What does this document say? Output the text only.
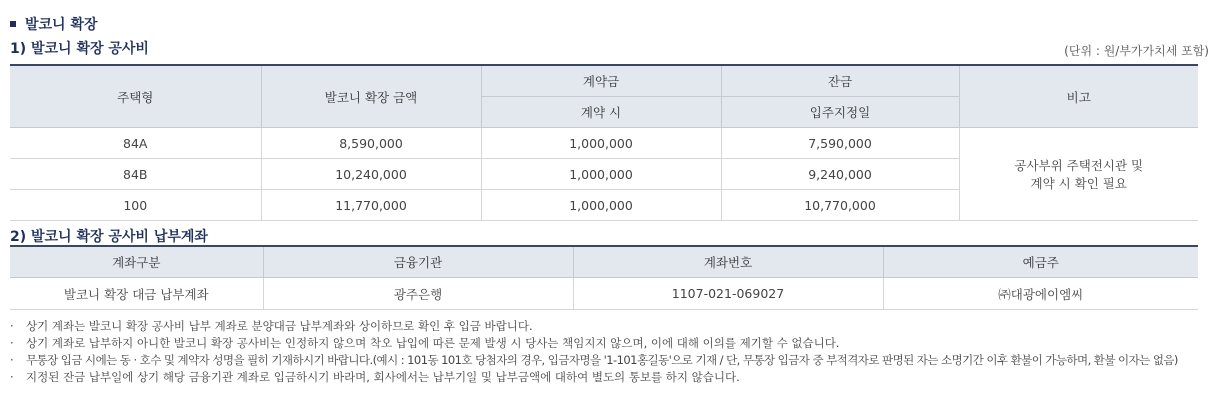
발코니 확장
1) 발코니 확장 공사비	(단위 : 원/부가가치세 포함)
주택형	발코니 확장 금액	계약금	잔금	비고
		계약 시	입주지정일	
84A	8,590,000	1,000,000	7,590,000	공사부위 주택전시관 및
계약 시 확인 필요

84B	10,240,000	1,000,000	9,240,000	
100	11,770,000	1,000,000	10,770,000	
2) 발코니 확장 공사비 납부계좌
계좌구분	금융기관	계좌번호	예금주
발코니 확장 대금 납부계좌	광주은행	1107-021-069027	㈜대광에이엠씨
·	상기 계좌는 발코니 확장 공사비 납부 계좌로 분양대금 납부계좌와 상이하므로 확인 후 입금 바랍니다.
·	상기 계좌로 납부하지 아니한 발코니 확장 공사비는 인정하지 않으며 착오 납입에 따른 문제 발생 시 당사는 책임지지 않으며, 이에 대해 이의를 제기할 수 없습니다.
·	무통장 입금 시에는 동 · 호수 및 계약자 성명을 필히 기재하시기 바랍니다.(예시 : 101동 101호 당첨자의 경우, 입금자명을 '1-101홍길동'으로 기재 / 단, 무통장 입금자 중 부적격자로 판명된 자는 소명기간 이후 환불이 가능하며, 환불 이자는 없음)
·	지정된 잔금 납부일에 상기 해당 금융기관 계좌로 입금하시기 바라며, 회사에서는 납부기일 및 납부금액에 대하여 별도의 통보를 하지 않습니다.
